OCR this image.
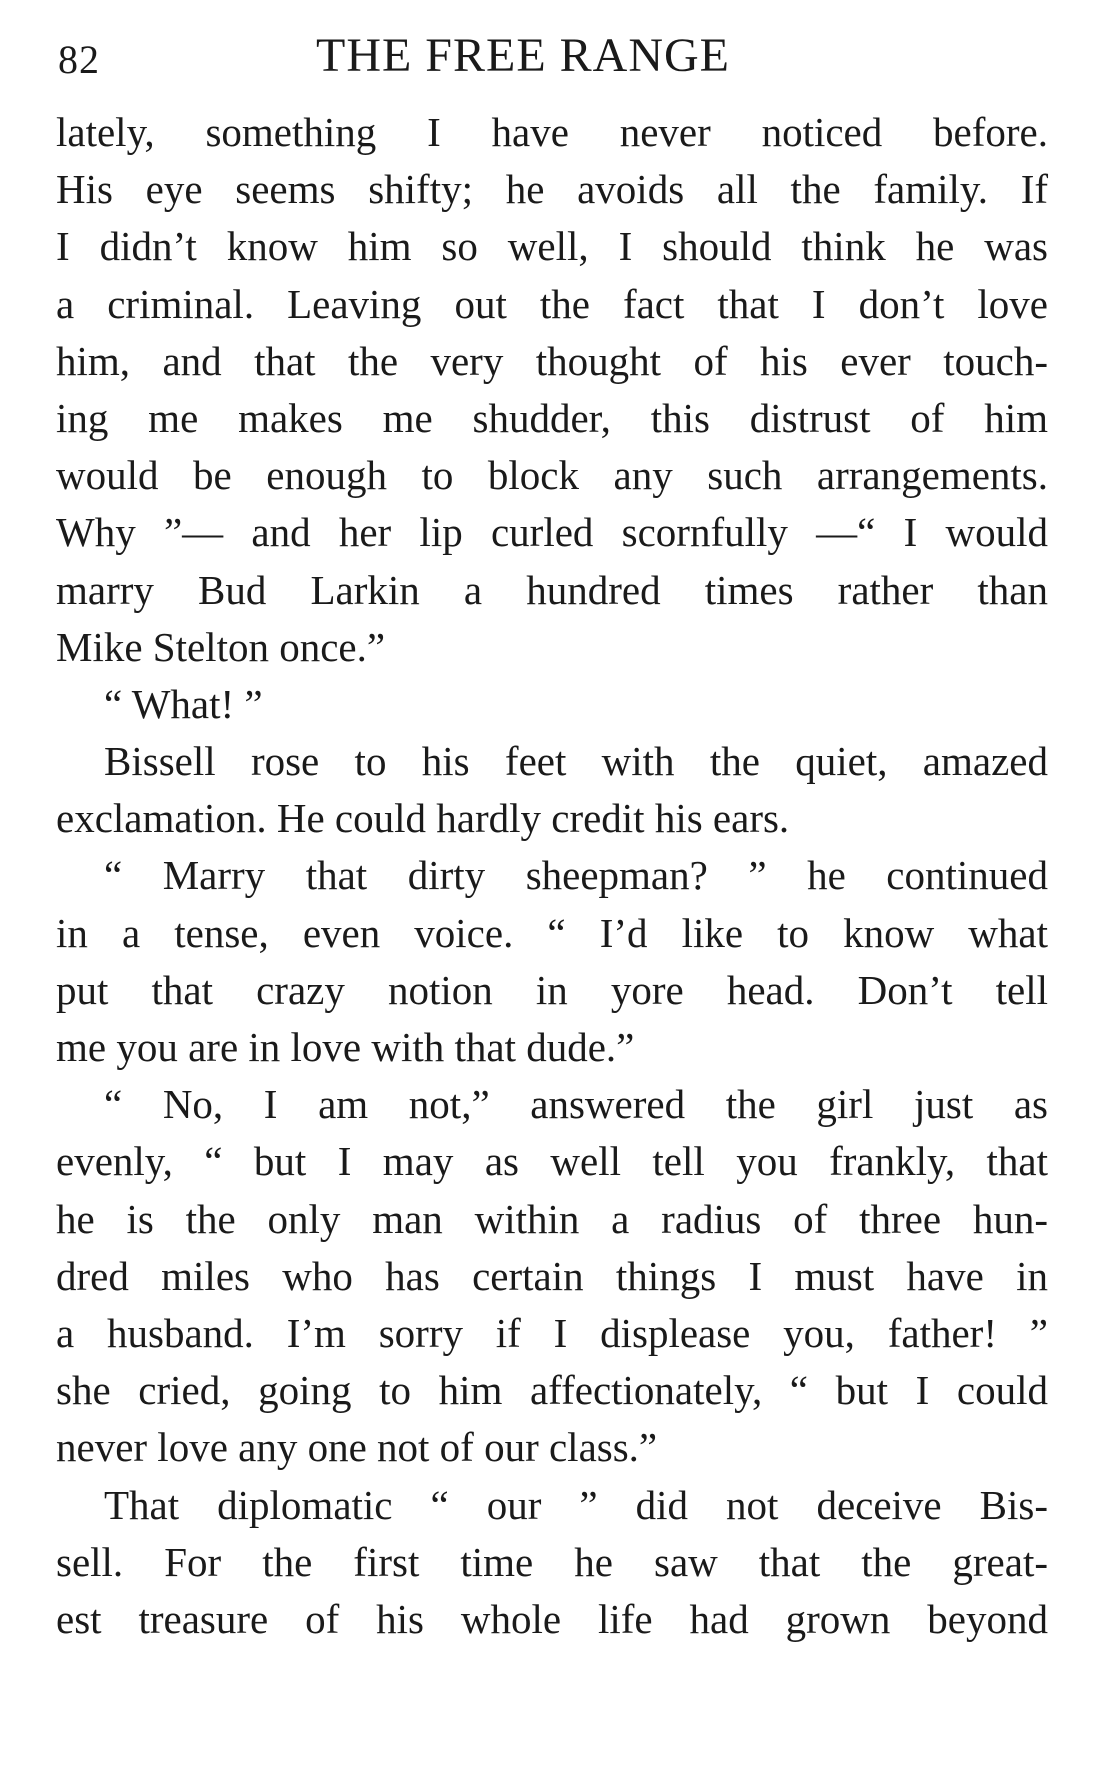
82	THE FREE RANGE
lately, something I have never noticed before.
His eye seems shifty; he avoids all the family. If
I didn’t know him so well, I should think he was
a criminal. Leaving out the fact that I don’t love
him, and that the very thought of his ever touch-
ing me makes me shudder, this distrust of him
would be enough to block any such arrangements.
Why ”— and her lip curled scornfully —“ I would
marry Bud Larkin a hundred times rather than
Mike Stelton once.”
“ What! ”
Bissell rose to his feet with the quiet, amazed
exclamation. He could hardly credit his ears.
“ Marry that dirty sheepman? ” he continued
in a tense, even voice. “ I’d like to know what
put that crazy notion in yore head. Don’t tell
me you are in love with that dude.”
“ No, I am not,” answered the girl just as
evenly, “ but I may as well tell you frankly, that
he is the only man within a radius of three hun-
dred miles who has certain things I must have in
a husband. I’m sorry if I displease you, father! ”
she cried, going to him affectionately, “ but I could
never love any one not of our class.”
That diplomatic “ our ” did not deceive Bis-
sell. For the first time he saw that the great-
est treasure of his whole life had grown beyond
